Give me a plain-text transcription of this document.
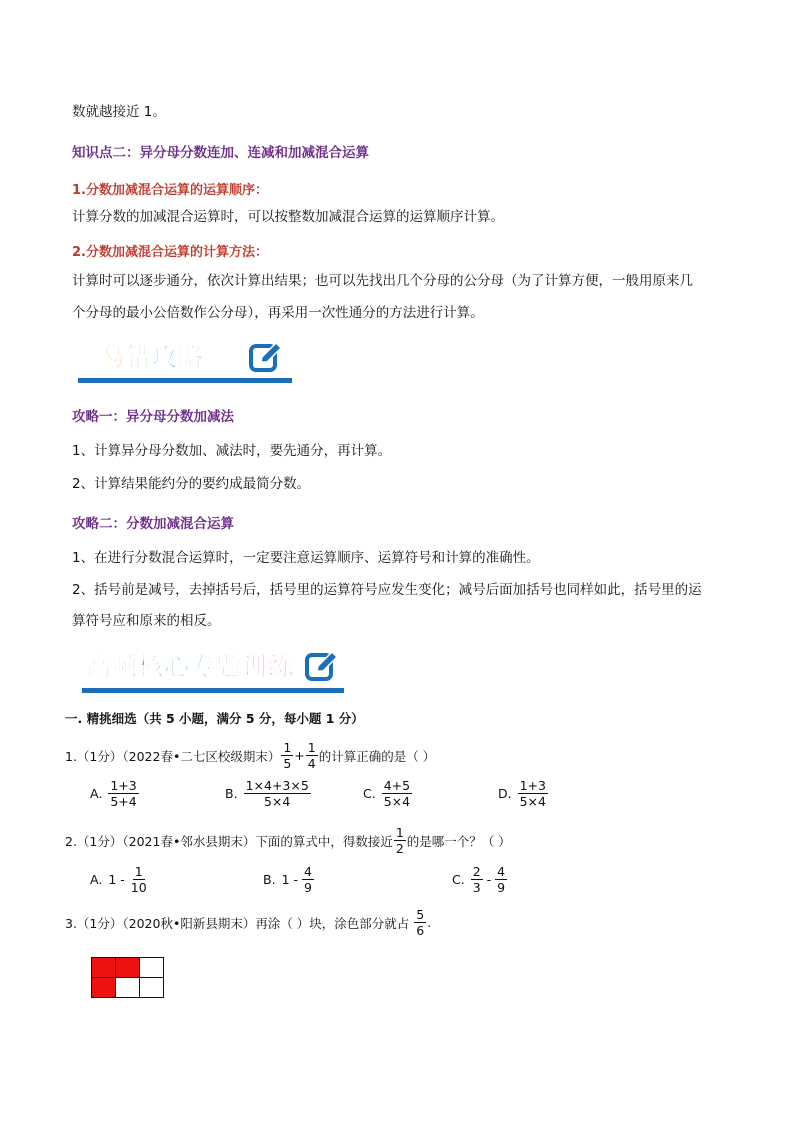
数就越接近 1。
知识点二：异分母分数连加、连减和加减混合运算
1.分数加减混合运算的运算顺序：
计算分数的加减混合运算时，可以按整数加减混合运算的运算顺序计算。
2.分数加减混合运算的计算方法：
计算时可以逐步通分，依次计算出结果；也可以先找出几个分母的公分母（为了计算方便，一般用原来几
个分母的最小公倍数作公分母），再采用一次性通分的方法进行计算。
易错攻略
攻略一：异分母分数加减法
1、计算异分母分数加、减法时，要先通分，再计算。
2、计算结果能约分的要约成最简分数。
攻略二：分数加减混合运算
1、在进行分数混合运算时，一定要注意运算顺序、运算符号和计算的准确性。
2、括号前是减号，去掉括号后，括号里的运算符号应发生变化；减号后面加括号也同样如此，括号里的运
算符号应和原来的相反。
高频核心专题训练
一. 精挑细选（共 5 小题，满分 5 分，每小题 1 分）
1.（1分）（2022春•二七区校级期末） $\frac{1}{5} + \frac{1}{4}$ 的计算正确的是（ ）
A. $\frac{1+3}{5+4}$	B. $\frac{1\times 4+3\times 5}{5\times 4}$	C. $\frac{4+5}{5\times 4}$	D. $\frac{1+3}{5\times 4}$
2.（1分）（2021春•邻水县期末）下面的算式中，得数接近 $\frac{1}{2}$ 的是哪一个？（ ）
A. $1 - \frac{1}{10}$	B. $1 - \frac{4}{9}$	C. $\frac{2}{3} - \frac{4}{9}$
3.（1分）（2020秋•阳新县期末）再涂（ ）块，涂色部分就占 $\frac{5}{6}$ .
